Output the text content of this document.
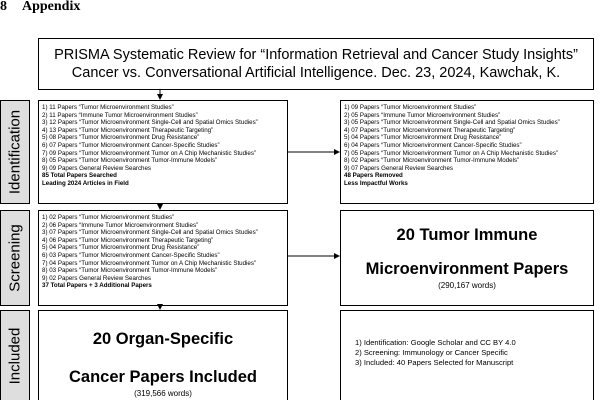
8 Appendix
PRISMA Systematic Review for “Information Retrieval and Cancer Study Insights”
Cancer vs. Conversational Artificial Intelligence. Dec. 23, 2024, Kawchak, K.
Identification
Screening
Included
1) 11 Papers “Tumor Microenvironment Studies”
2) 11 Papers “Immune Tumor Microenvironment Studies”
3) 12 Papers “Tumor Microenvironment Single-Cell and Spatial Omics Studies”
4) 13 Papers “Tumor Microenvironment Therapeutic Targeting”
5) 08 Papers “Tumor Microenvironment Drug Resistance”
6) 07 Papers “Tumor Microenvironment Cancer-Specific Studies”
7) 09 Papers “Tumor Microenvironment Tumor on A Chip Mechanistic Studies”
8) 05 Papers “Tumor Microenvironment Tumor-Immune Models”
9) 09 Papers General Review Searches
85 Total Papers Searched
Leading 2024 Articles in Field
1) 09 Papers “Tumor Microenvironment Studies”
2) 05 Papers “Immune Tumor Microenvironment Studies”
3) 05 Papers “Tumor Microenvironment Single-Cell and Spatial Omics Studies”
4) 07 Papers “Tumor Microenvironment Therapeutic Targeting”
5) 04 Papers “Tumor Microenvironment Drug Resistance”
6) 04 Papers “Tumor Microenvironment Cancer-Specific Studies”
7) 05 Papers “Tumor Microenvironment Tumor on A Chip Mechanistic Studies”
8) 02 Papers “Tumor Microenvironment Tumor-Immune Models”
9) 07 Papers General Review Searches
48 Papers Removed
Less Impactful Works
1) 02 Papers “Tumor Microenvironment Studies”
2) 06 Papers “Immune Tumor Microenvironment Studies”
3) 07 Papers “Tumor Microenvironment Single-Cell and Spatial Omics Studies”
4) 06 Papers “Tumor Microenvironment Therapeutic Targeting”
5) 04 Papers “Tumor Microenvironment Drug Resistance”
6) 03 Papers “Tumor Microenvironment Cancer-Specific Studies”
7) 04 Papers “Tumor Microenvironment Tumor on A Chip Mechanistic Studies”
8) 03 Papers “Tumor Microenvironment Tumor-Immune Models”
9) 02 Papers General Review Searches
37 Total Papers + 3 Additional Papers
20 Tumor Immune
Microenvironment Papers
(290,167 words)
20 Organ-Specific
Cancer Papers Included
(319,566 words)
1) Identification: Google Scholar and CC BY 4.0
2) Screening: Immunology or Cancer Specific
3) Included: 40 Papers Selected for Manuscript
